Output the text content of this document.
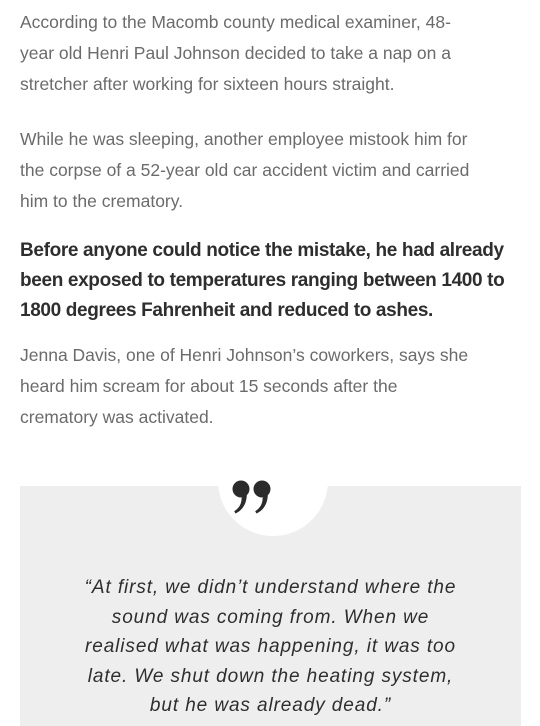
According to the Macomb county medical examiner, 48-
year old Henri Paul Johnson decided to take a nap on a
stretcher after working for sixteen hours straight.

While he was sleeping, another employee mistook him for
the corpse of a 52-year old car accident victim and carried
him to the crematory.

Before anyone could notice the mistake, he had already
been exposed to temperatures ranging between 1400 to
1800 degrees Fahrenheit and reduced to ashes.

Jenna Davis, one of Henri Johnson’s coworkers, says she
heard him scream for about 15 seconds after the
crematory was activated.

“At first, we didn’t understand where the
sound was coming from. When we
realised what was happening, it was too
late. We shut down the heating system,
but he was already dead.”
